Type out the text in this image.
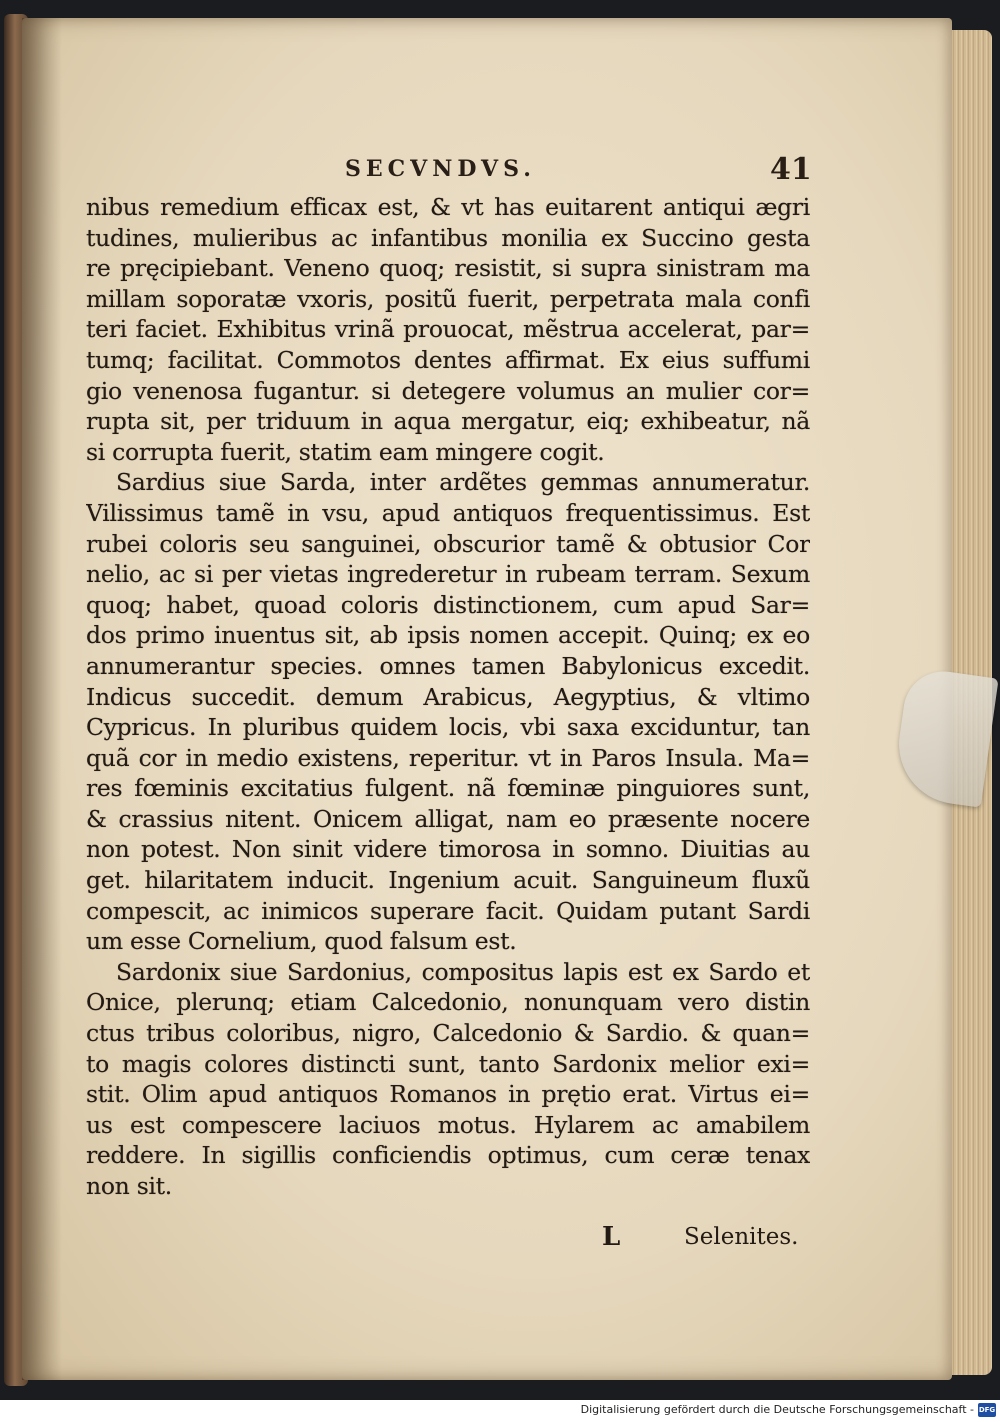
SECVNDVS.	41
nibus remedium efficax est, & vt has euitarent antiqui ægri
tudines, mulieribus ac infantibus monilia ex Succino gesta
re pręcipiebant. Veneno quoq; resistit, si supra sinistram ma
millam soporatæ vxoris, positũ fuerit, perpetrata mala confi
teri faciet. Exhibitus vrinã prouocat, mẽstrua accelerat, par=
tumq; facilitat. Commotos dentes affirmat. Ex eius suffumi
gio venenosa fugantur. si detegere volumus an mulier cor=
rupta sit, per triduum in aqua mergatur, eiq; exhibeatur, nã
si corrupta fuerit, statim eam mingere cogit.
Sardius siue Sarda, inter ardẽtes gemmas annumeratur.
Vilissimus tamẽ in vsu, apud antiquos frequentissimus. Est
rubei coloris seu sanguinei, obscurior tamẽ & obtusior Cor
nelio, ac si per vietas ingrederetur in rubeam terram. Sexum
quoq; habet, quoad coloris distinctionem, cum apud Sar=
dos primo inuentus sit, ab ipsis nomen accepit. Quinq; ex eo
annumerantur species. omnes tamen Babylonicus excedit.
Indicus succedit. demum Arabicus, Aegyptius, & vltimo
Cypricus. In pluribus quidem locis, vbi saxa exciduntur, tan
quã cor in medio existens, reperitur. vt in Paros Insula. Ma=
res fœminis excitatius fulgent. nã fœminæ pinguiores sunt,
& crassius nitent. Onicem alligat, nam eo præsente nocere
non potest. Non sinit videre timorosa in somno. Diuitias au
get. hilaritatem inducit. Ingenium acuit. Sanguineum fluxũ
compescit, ac inimicos superare facit. Quidam putant Sardi
um esse Cornelium, quod falsum est.
Sardonix siue Sardonius, compositus lapis est ex Sardo et
Onice, plerunq; etiam Calcedonio, nonunquam vero distin
ctus tribus coloribus, nigro, Calcedonio & Sardio. & quan=
to magis colores distincti sunt, tanto Sardonix melior exi=
stit. Olim apud antiquos Romanos in prętio erat. Virtus ei=
us est compescere laciuos motus. Hylarem ac amabilem
reddere. In sigillis conficiendis optimus, cum ceræ tenax
non sit.
L	Selenites.
Digitalisierung gefördert durch die Deutsche Forschungsgemeinschaft - DFG
